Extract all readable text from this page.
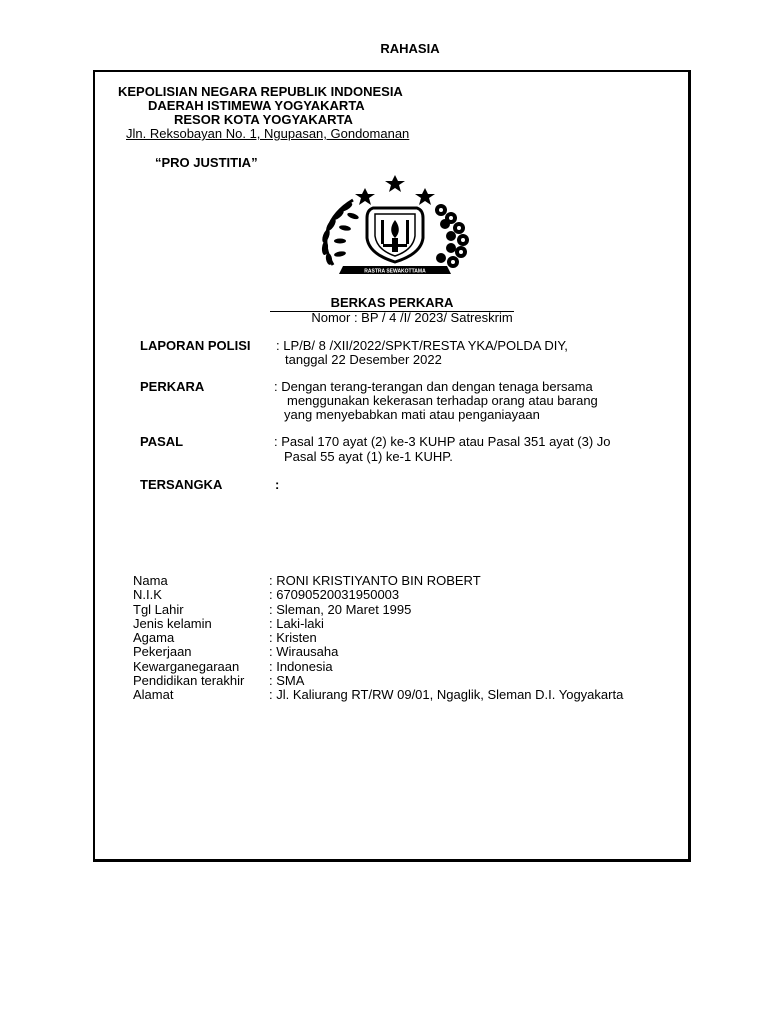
RAHASIA
KEPOLISIAN NEGARA REPUBLIK INDONESIA
DAERAH ISTIMEWA YOGYAKARTA
RESOR KOTA YOGYAKARTA
Jln. Reksobayan No. 1, Ngupasan, Gondomanan
“PRO JUSTITIA”
RASTRA SEWAKOTTAMA
BERKAS PERKARA
Nomor : BP / 4 /I/ 2023/ Satreskrim
LAPORAN POLISI : LP/B/ 8 /XII/2022/SPKT/RESTA YKA/POLDA DIY,
tanggal 22 Desember 2022
PERKARA	: Dengan terang-terangan dan dengan tenaga bersama
menggunakan kekerasan terhadap orang atau barang
yang menyebabkan mati atau penganiayaan
PASAL	: Pasal 170 ayat (2) ke-3 KUHP atau Pasal 351 ayat (3) Jo
Pasal 55 ayat (1) ke-1 KUHP.
TERSANGKA	:
Nama	: RONI KRISTIYANTO BIN ROBERT
N.I.K	: 67090520031950003
Tgl Lahir	: Sleman, 20 Maret 1995
Jenis kelamin	: Laki-laki
Agama	: Kristen
Pekerjaan	: Wirausaha
Kewarganegaraan	: Indonesia
Pendidikan terakhir	: SMA
Alamat	: Jl. Kaliurang RT/RW 09/01, Ngaglik, Sleman D.I. Yogyakarta
